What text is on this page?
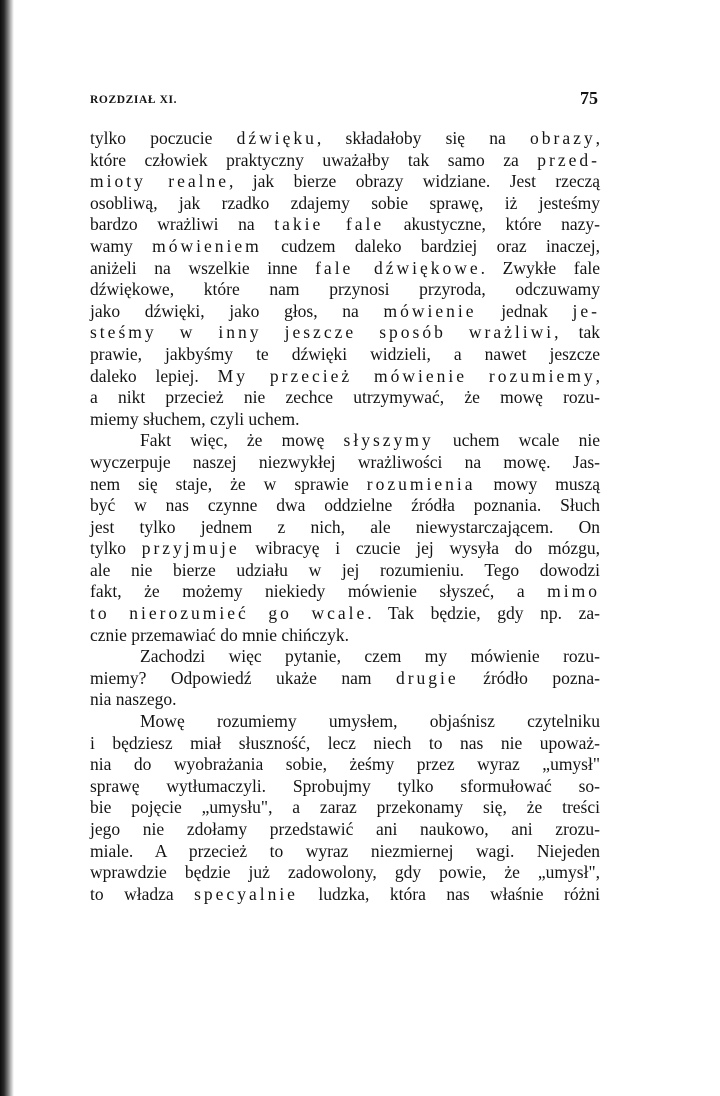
ROZDZIAŁ XI.	75
tylko poczucie dźwięku, składałoby się na obrazy,
które człowiek praktyczny uważałby tak samo za przed-
mioty realne, jak bierze obrazy widziane. Jest rzeczą
osobliwą, jak rzadko zdajemy sobie sprawę, iż jesteśmy
bardzo wrażliwi na takie fale akustyczne, które nazy-
wamy mówieniem cudzem daleko bardziej oraz inaczej,
aniżeli na wszelkie inne fale dźwiękowe. Zwykłe fale
dźwiękowe, które nam przynosi przyroda, odczuwamy
jako dźwięki, jako głos, na mówienie jednak je-
steśmy w inny jeszcze sposób wrażliwi, tak
prawie, jakbyśmy te dźwięki widzieli, a nawet jeszcze
daleko lepiej. My przecież mówienie rozumiemy,
a nikt przecież nie zechce utrzymywać, że mowę rozu-
miemy słuchem, czyli uchem.
Fakt więc, że mowę słyszymy uchem wcale nie
wyczerpuje naszej niezwykłej wrażliwości na mowę. Jas-
nem się staje, że w sprawie rozumienia mowy muszą
być w nas czynne dwa oddzielne źródła poznania. Słuch
jest tylko jednem z nich, ale niewystarczającem. On
tylko przyjmuje wibracyę i czucie jej wysyła do mózgu,
ale nie bierze udziału w jej rozumieniu. Tego dowodzi
fakt, że możemy niekiedy mówienie słyszeć, a mimo
to nierozumieć go wcale. Tak będzie, gdy np. za-
cznie przemawiać do mnie chińczyk.
Zachodzi więc pytanie, czem my mówienie rozu-
miemy? Odpowiedź ukaże nam drugie źródło pozna-
nia naszego.
Mowę rozumiemy umysłem, objaśnisz czytelniku
i będziesz miał słuszność, lecz niech to nas nie upoważ-
nia do wyobrażania sobie, żeśmy przez wyraz „umysł"
sprawę wytłumaczyli. Sprobujmy tylko sformułować so-
bie pojęcie „umysłu", a zaraz przekonamy się, że treści
jego nie zdołamy przedstawić ani naukowo, ani zrozu-
miale. A przecież to wyraz niezmiernej wagi. Niejeden
wprawdzie będzie już zadowolony, gdy powie, że „umysł",
to władza specyalnie ludzka, która nas właśnie różni
